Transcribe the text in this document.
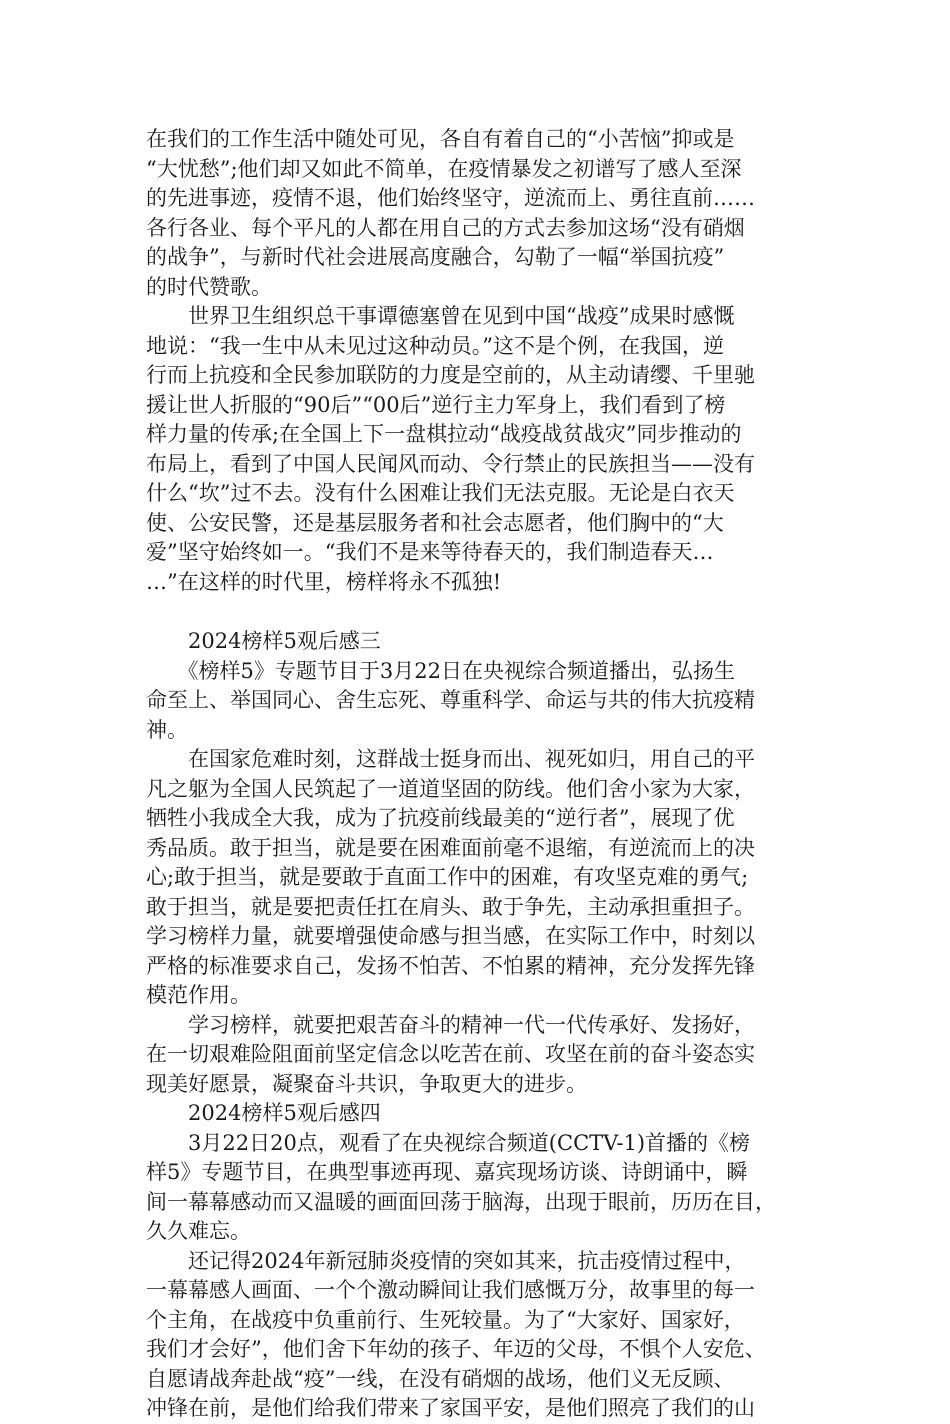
在我们的工作生活中随处可见，各自有着自己的“小苦恼”抑或是
“大忧愁”;他们却又如此不简单，在疫情暴发之初谱写了感人至深
的先进事迹，疫情不退，他们始终坚守，逆流而上、勇往直前……
各行各业、每个平凡的人都在用自己的方式去参加这场“没有硝烟
的战争”，与新时代社会进展高度融合，勾勒了一幅“举国抗疫”
的时代赞歌。
　　世界卫生组织总干事谭德塞曾在见到中国“战疫”成果时感慨
地说：“我一生中从未见过这种动员。”这不是个例，在我国，逆
行而上抗疫和全民参加联防的力度是空前的，从主动请缨、千里驰
援让世人折服的“90后”“00后”逆行主力军身上，我们看到了榜
样力量的传承;在全国上下一盘棋拉动“战疫战贫战灾”同步推动的
布局上，看到了中国人民闻风而动、令行禁止的民族担当——没有
什么“坎”过不去。没有什么困难让我们无法克服。无论是白衣天
使、公安民警，还是基层服务者和社会志愿者，他们胸中的“大
爱”坚守始终如一。“我们不是来等待春天的，我们制造春天…
…”在这样的时代里，榜样将永不孤独!
　　2024榜样5观后感三
　　《榜样5》专题节目于3月22日在央视综合频道播出，弘扬生
命至上、举国同心、舍生忘死、尊重科学、命运与共的伟大抗疫精
神。
　　在国家危难时刻，这群战士挺身而出、视死如归，用自己的平
凡之躯为全国人民筑起了一道道坚固的防线。他们舍小家为大家，
牺牲小我成全大我，成为了抗疫前线最美的“逆行者”，展现了优
秀品质。敢于担当，就是要在困难面前毫不退缩，有逆流而上的决
心;敢于担当，就是要敢于直面工作中的困难，有攻坚克难的勇气;
敢于担当，就是要把责任扛在肩头、敢于争先，主动承担重担子。
学习榜样力量，就要增强使命感与担当感，在实际工作中，时刻以
严格的标准要求自己，发扬不怕苦、不怕累的精神，充分发挥先锋
模范作用。
　　学习榜样，就要把艰苦奋斗的精神一代一代传承好、发扬好，
在一切艰难险阻面前坚定信念以吃苦在前、攻坚在前的奋斗姿态实
现美好愿景，凝聚奋斗共识，争取更大的进步。
　　2024榜样5观后感四
　　3月22日20点，观看了在央视综合频道(CCTV-1)首播的《榜
样5》专题节目，在典型事迹再现、嘉宾现场访谈、诗朗诵中，瞬
间一幕幕感动而又温暖的画面回荡于脑海，出现于眼前，历历在目，
久久难忘。
　　还记得2024年新冠肺炎疫情的突如其来，抗击疫情过程中，
一幕幕感人画面、一个个激动瞬间让我们感慨万分，故事里的每一
个主角，在战疫中负重前行、生死较量。为了“大家好、国家好，
我们才会好”，他们舍下年幼的孩子、年迈的父母，不惧个人安危、
自愿请战奔赴战“疫”一线，在没有硝烟的战场，他们义无反顾、
冲锋在前，是他们给我们带来了家国平安，是他们照亮了我们的山
